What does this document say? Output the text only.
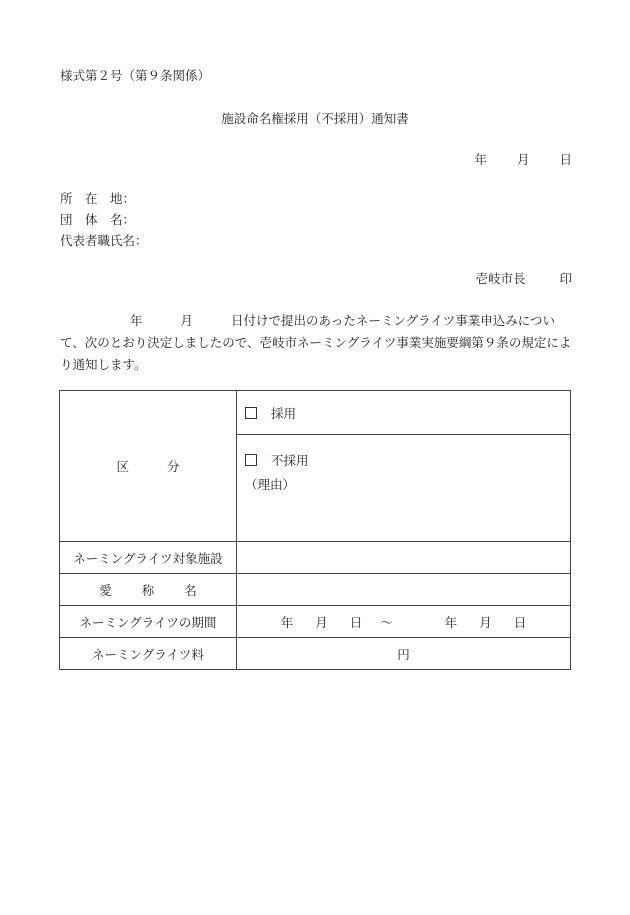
様式第２号（第９条関係）
施設命名権採用（不採用）通知書
年 月 日
所　在　地：
団　体　名：
代表者職氏名：
壱岐市長	印
年	月	日付けで提出のあったネーミングライツ事業申込みについて、次のとおり決定しましたので、壱岐市ネーミングライツ事業実施要綱第９条の規定により通知します。
区 分	採用

	不採用
（理由）

ネーミングライツ対象施設	
愛 称 名	
ネーミングライツの期間	年 月 日 ～ 年 月 日
ネーミングライツ料	円
